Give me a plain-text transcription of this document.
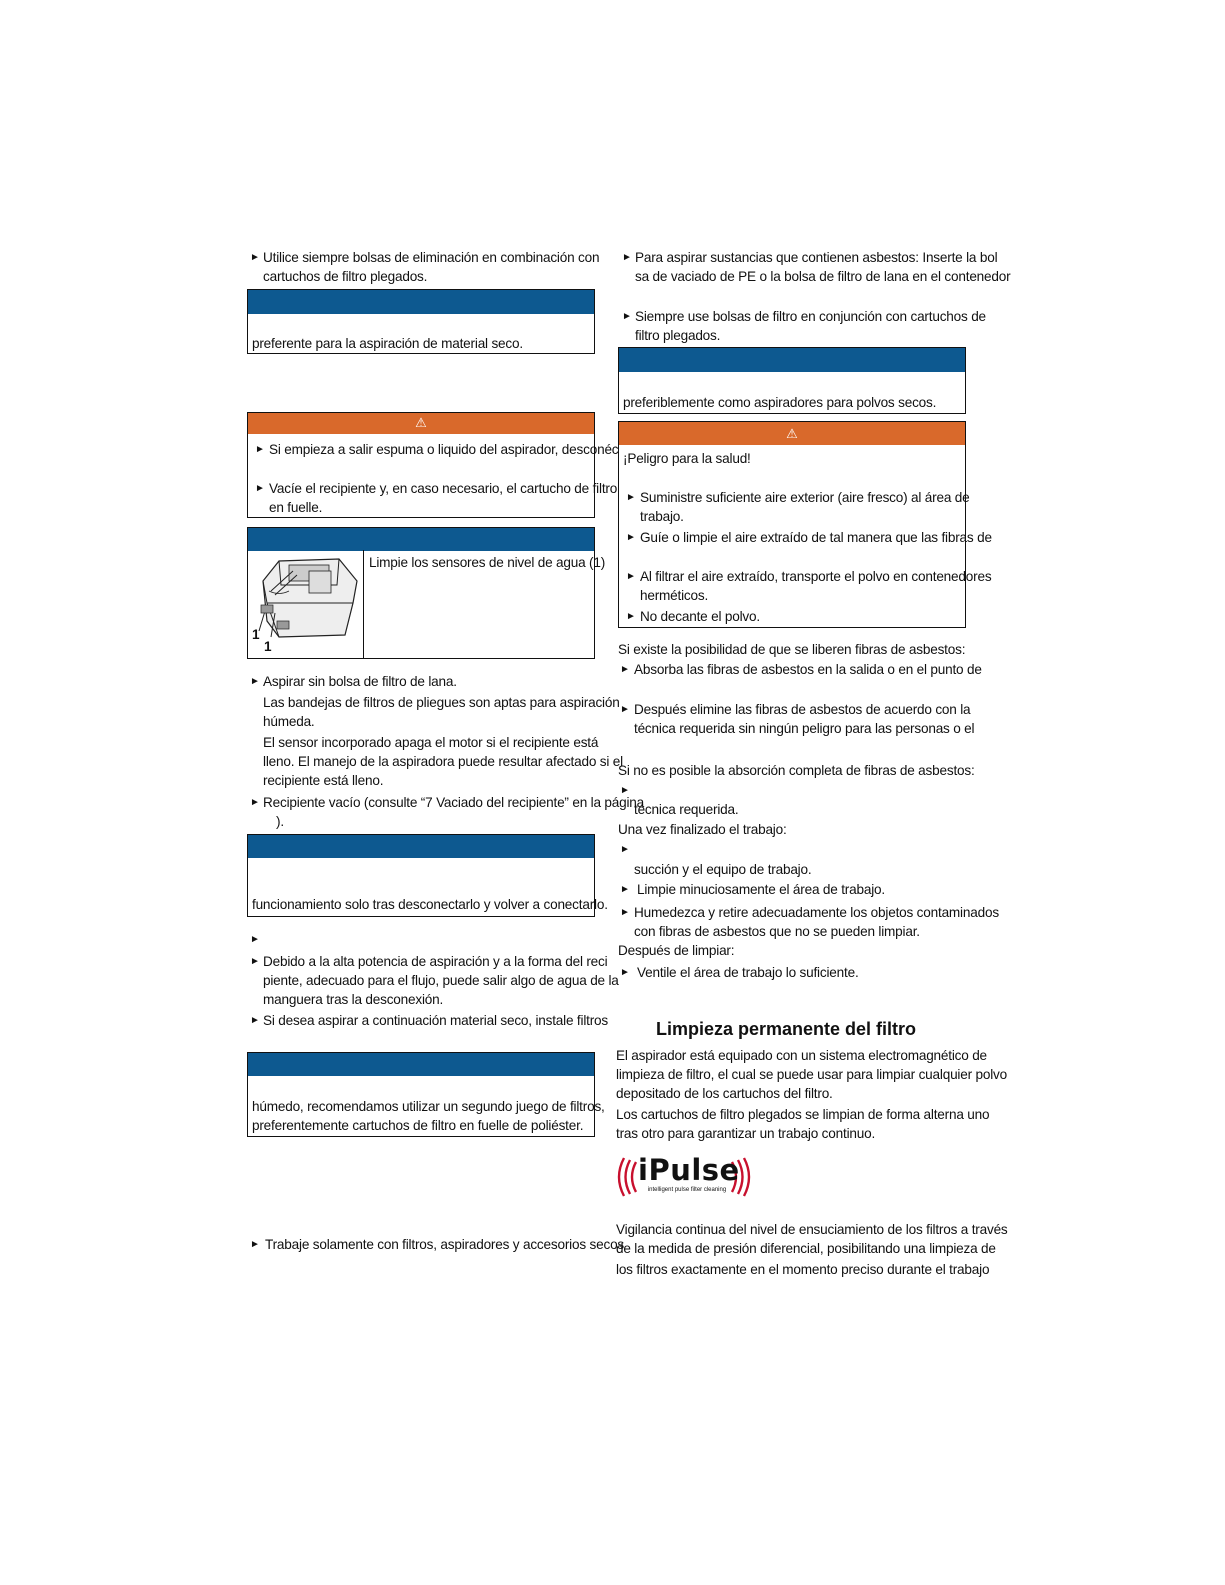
► Utilice siempre bolsas de eliminación en combinación con
cartuchos de filtro plegados.
preferente para la aspiración de material seco.
⚠
► Si empieza a salir espuma o liquido del aspirador, desconéc
► Vacíe el recipiente y, en caso necesario, el cartucho de filtro
en fuelle.
Limpie los sensores de nivel de agua (1)
1
1
► Aspirar sin bolsa de filtro de lana.
Las bandejas de filtros de pliegues son aptas para aspiración
húmeda.
El sensor incorporado apaga el motor si el recipiente está
lleno. El manejo de la aspiradora puede resultar afectado si el
recipiente está lleno.
► Recipiente vacío (consulte “7 Vaciado del recipiente” en la página
).
funcionamiento solo tras desconectarlo y volver a conectarlo.
►
► Debido a la alta potencia de aspiración y a la forma del reci
piente, adecuado para el flujo, puede salir algo de agua de la
manguera tras la desconexión.
► Si desea aspirar a continuación material seco, instale filtros
húmedo, recomendamos utilizar un segundo juego de filtros,
preferentemente cartuchos de filtro en fuelle de poliéster.
► Trabaje solamente con filtros, aspiradores y accesorios secos
► Para aspirar sustancias que contienen asbestos: Inserte la bol
sa de vaciado de PE o la bolsa de filtro de lana en el contenedor
► Siempre use bolsas de filtro en conjunción con cartuchos de
filtro plegados.
preferiblemente como aspiradores para polvos secos.
⚠
¡Peligro para la salud!
► Suministre suficiente aire exterior (aire fresco) al área de
trabajo.
► Guíe o limpie el aire extraído de tal manera que las fibras de
► Al filtrar el aire extraído, transporte el polvo en contenedores
herméticos.
► No decante el polvo.
Si existe la posibilidad de que se liberen fibras de asbestos:
► Absorba las fibras de asbestos en la salida o en el punto de
► Después elimine las fibras de asbestos de acuerdo con la
técnica requerida sin ningún peligro para las personas o el
Si no es posible la absorción completa de fibras de asbestos:
►
técnica requerida.
Una vez finalizado el trabajo:
►
succión y el equipo de trabajo.
► Limpie minuciosamente el área de trabajo.
► Humedezca y retire adecuadamente los objetos contaminados
con fibras de asbestos que no se pueden limpiar.
Después de limpiar:
► Ventile el área de trabajo lo suficiente.
Limpieza permanente del filtro
El aspirador está equipado con un sistema electromagnético de
limpieza de filtro, el cual se puede usar para limpiar cualquier polvo
depositado de los cartuchos del filtro.
Los cartuchos de filtro plegados se limpian de forma alterna uno
tras otro para garantizar un trabajo continuo.
iPulse
intelligent pulse filter cleaning
Vigilancia continua del nivel de ensuciamiento de los filtros a través
de la medida de presión diferencial, posibilitando una limpieza de
los filtros exactamente en el momento preciso durante el trabajo
